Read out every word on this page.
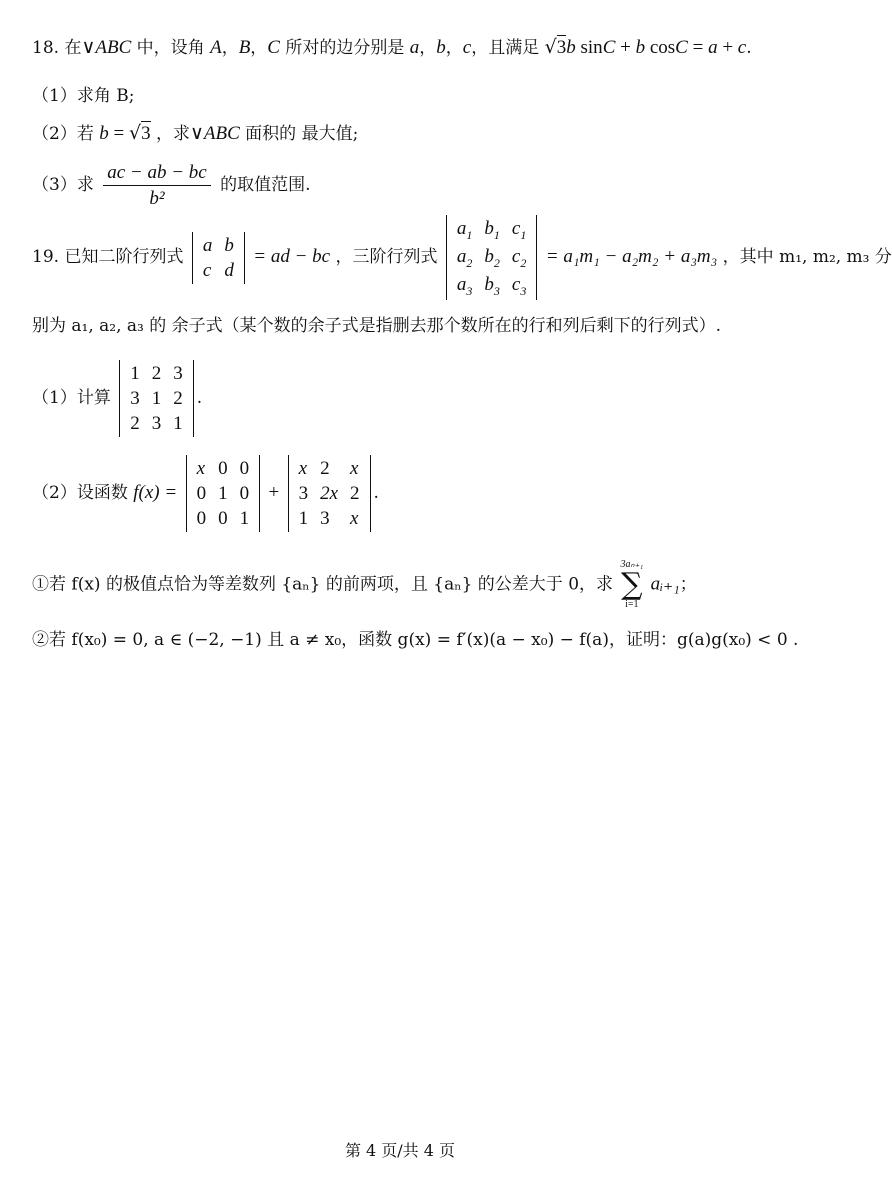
18. 在∨ABC 中，设角 A，B，C 所对的边分别是 a，b，c，且满足 √3b sinC + b cosC = a + c.
（1）求角 B;
（2）若 b = √3 ，求∨ABC 面积的 最大值;
（3）求 $\frac{ac - ab - bc}{\text{b²}}$ 的取值范围.
19. 已知二阶行列式
a	b
c	d
= ad − bc ，三阶行列式
$a_1$	$b_1$	$c_1$
$a_2$	$b_2$	$c_2$
$a_3$	$b_3$	$c_3$
= a₁m₁ − a₂m₂ + a₃m₃ ，其中 m₁, m₂, m₃ 分
别为 a₁, a₂, a₃ 的 余子式（某个数的余子式是指删去那个数所在的行和列后剩下的行列式）.
（1）计算
1	2	3
3	1	2
2	3	1
.
（2）设函数 f(x) =
x	0	0
0	1	0
0	0	1
+
x	2	x
3	2x	2
1	3	x
.
①若 f(x) 的极值点恰为等差数列 {aₙ} 的前两项，且 {aₙ} 的公差大于 0，求
3aₙ₊₁
∑
i=1
aᵢ₊₁；
②若 f(x₀) = 0, a ∈ (−2, −1) 且 a ≠ x₀，函数 g(x) = f′(x)(a − x₀) − f(a)，证明：g(a)g(x₀) < 0 .
第 4 页/共 4 页
